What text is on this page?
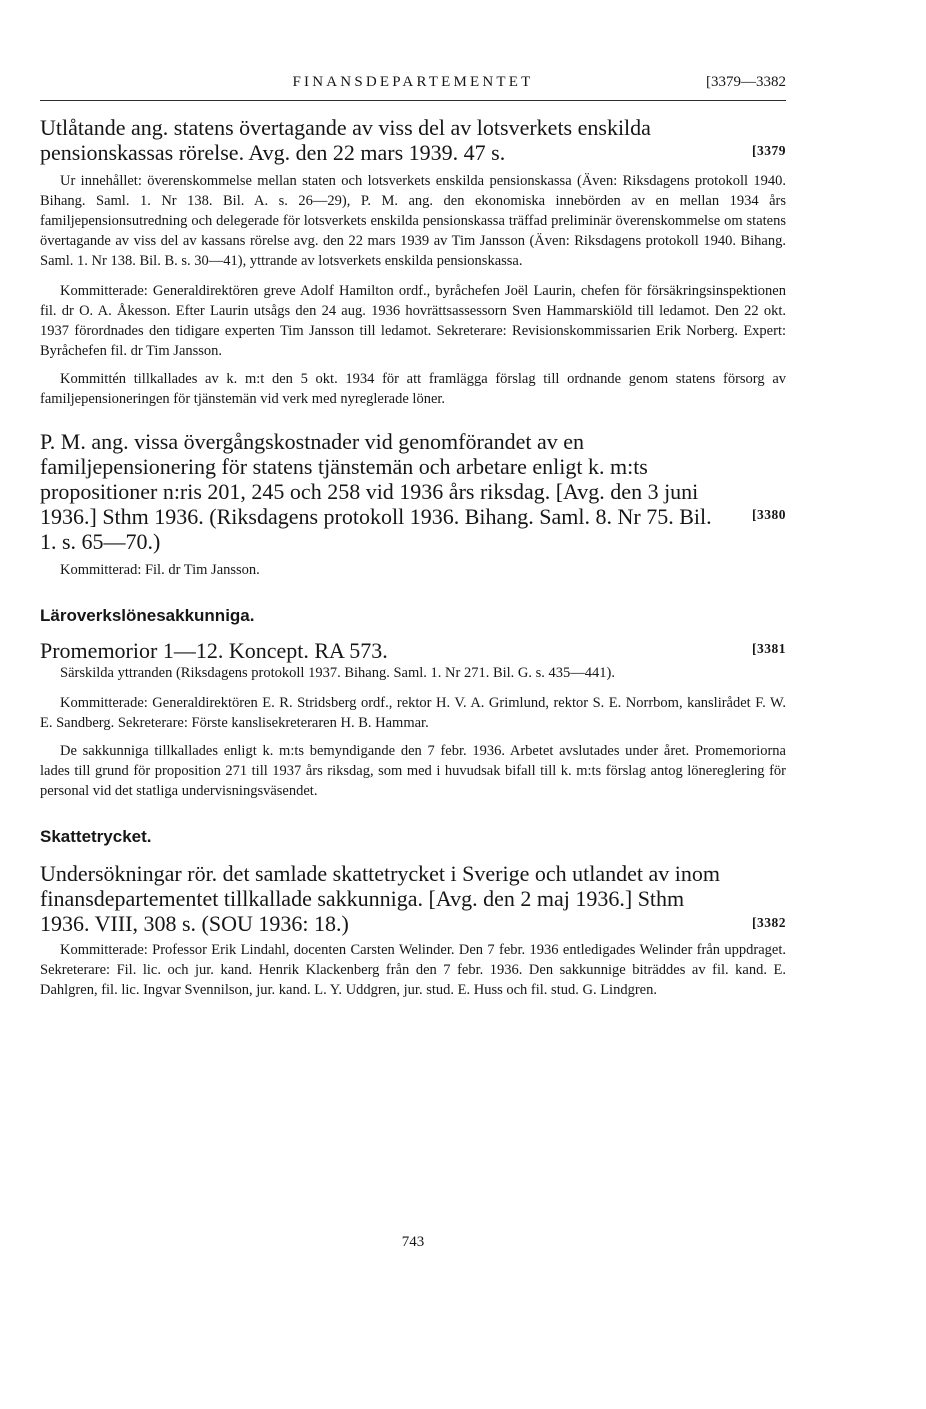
FINANSDEPARTEMENTET	[3379—3382
[3379

Utlåtande ang. statens övertagande av viss del av lotsverkets enskilda pensionskassas rörelse. Avg. den 22 mars 1939. 47 s.

Ur innehållet: överenskommelse mellan staten och lotsverkets enskilda pensionskassa (Även: Riksdagens protokoll 1940. Bihang. Saml. 1. Nr 138. Bil. A. s. 26—29), P. M. ang. den ekonomiska innebörden av en mellan 1934 års familjepensionsutredning och delegerade för lotsverkets enskilda pensionskassa träffad preliminär överenskommelse om statens övertagande av viss del av kassans rörelse avg. den 22 mars 1939 av Tim Jansson (Även: Riksdagens protokoll 1940. Bihang. Saml. 1. Nr 138. Bil. B. s. 30—41), yttrande av lotsverkets enskilda pensionskassa.

Kommitterade: Generaldirektören greve Adolf Hamilton ordf., byråchefen Joël Laurin, chefen för försäkringsinspektionen fil. dr O. A. Åkesson. Efter Laurin utsågs den 24 aug. 1936 hovrättsassessorn Sven Hammarskiöld till ledamot. Den 22 okt. 1937 förordnades den tidigare experten Tim Jansson till ledamot. Sekreterare: Revisionskommissarien Erik Norberg. Expert: Byråchefen fil. dr Tim Jansson.

Kommittén tillkallades av k. m:t den 5 okt. 1934 för att framlägga förslag till ordnande genom statens försorg av familjepensioneringen för tjänstemän vid verk med nyreglerade löner.

[3380

P. M. ang. vissa övergångskostnader vid genomförandet av en familjepensionering för statens tjänstemän och arbetare enligt k. m:ts propositioner n:ris 201, 245 och 258 vid 1936 års riksdag. [Avg. den 3 juni 1936.] Sthm 1936. (Riksdagens protokoll 1936. Bihang. Saml. 8. Nr 75. Bil. 1. s. 65—70.)

Kommitterad: Fil. dr Tim Jansson.

Läroverkslönesakkunniga.

[3381

Promemorior 1—12. Koncept. RA 573.

Särskilda yttranden (Riksdagens protokoll 1937. Bihang. Saml. 1. Nr 271. Bil. G. s. 435—441).

Kommitterade: Generaldirektören E. R. Stridsberg ordf., rektor H. V. A. Grimlund, rektor S. E. Norrbom, kanslirådet F. W. E. Sandberg. Sekreterare: Förste kanslisekreteraren H. B. Hammar.

De sakkunniga tillkallades enligt k. m:ts bemyndigande den 7 febr. 1936. Arbetet avslutades under året. Promemoriorna lades till grund för proposition 271 till 1937 års riksdag, som med i huvudsak bifall till k. m:ts förslag antog lönereglering för personal vid det statliga undervisningsväsendet.

Skattetrycket.

[3382

Undersökningar rör. det samlade skattetrycket i Sverige och utlandet av inom finansdepartementet tillkallade sakkunniga. [Avg. den 2 maj 1936.] Sthm 1936. VIII, 308 s. (SOU 1936: 18.)

Kommitterade: Professor Erik Lindahl, docenten Carsten Welinder. Den 7 febr. 1936 entledigades Welinder från uppdraget. Sekreterare: Fil. lic. och jur. kand. Henrik Klackenberg från den 7 febr. 1936. Den sakkunnige biträddes av fil. kand. E. Dahlgren, fil. lic. Ingvar Svennilson, jur. kand. L. Y. Uddgren, jur. stud. E. Huss och fil. stud. G. Lindgren.

743
